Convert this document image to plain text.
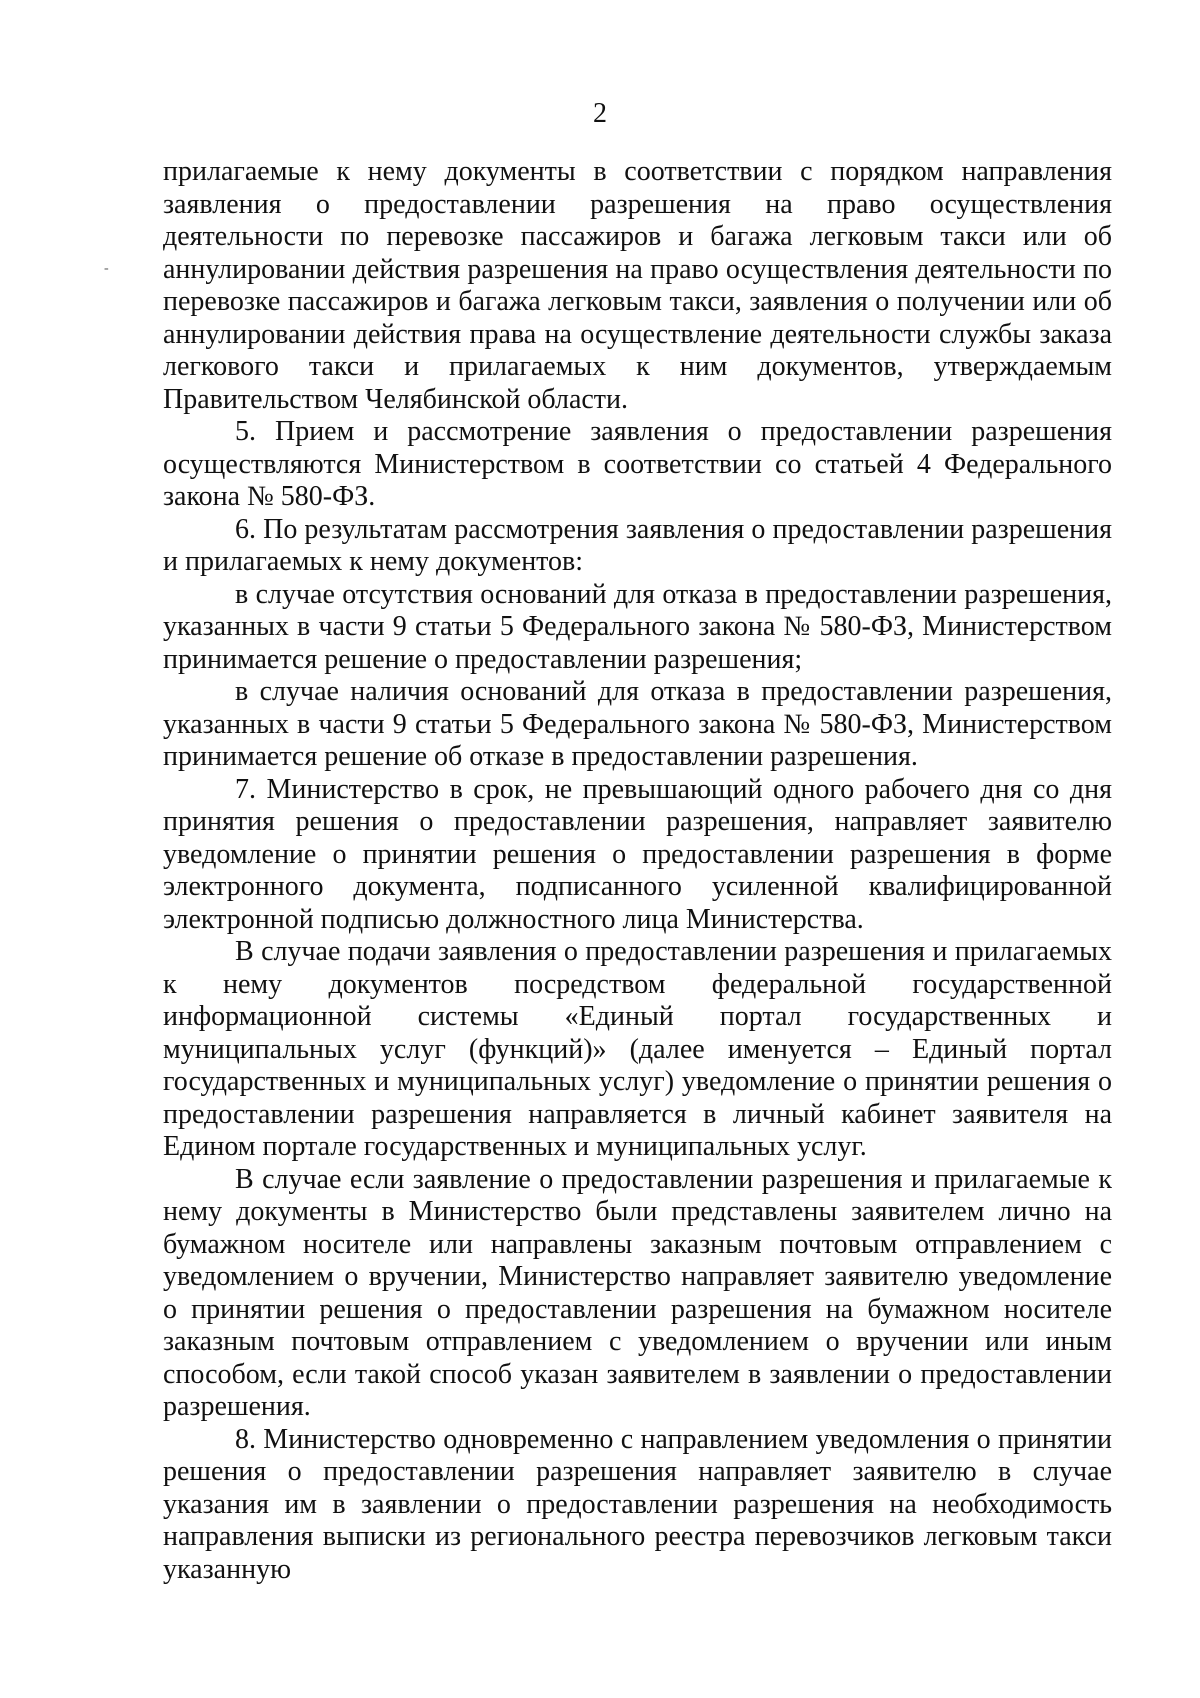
2
-

прилагаемые к нему документы в соответствии с порядком направления заявления о предоставлении разрешения на право осуществления деятельности по перевозке пассажиров и багажа легковым такси или об аннулировании действия разрешения на право осуществления деятельности по перевозке пассажиров и багажа легковым такси, заявления о получении или об аннулировании действия права на осуществление деятельности службы заказа легкового такси и прилагаемых к ним документов, утверждаемым Правительством Челябинской области.

5. Прием и рассмотрение заявления о предоставлении разрешения осуществляются Министерством в соответствии со статьей 4 Федерального закона № 580-ФЗ.

6. По результатам рассмотрения заявления о предоставлении разрешения и прилагаемых к нему документов:

в случае отсутствия оснований для отказа в предоставлении разрешения, указанных в части 9 статьи 5 Федерального закона № 580-ФЗ, Министерством принимается решение о предоставлении разрешения;

в случае наличия оснований для отказа в предоставлении разрешения, указанных в части 9 статьи 5 Федерального закона № 580-ФЗ, Министерством принимается решение об отказе в предоставлении разрешения.

7. Министерство в срок, не превышающий одного рабочего дня со дня принятия решения о предоставлении разрешения, направляет заявителю уведомление о принятии решения о предоставлении разрешения в форме электронного документа, подписанного усиленной квалифицированной электронной подписью должностного лица Министерства.

В случае подачи заявления о предоставлении разрешения и прилагаемых к нему документов посредством федеральной государственной информационной системы «Единый портал государственных и муниципальных услуг (функций)» (далее именуется – Единый портал государственных и муниципальных услуг) уведомление о принятии решения о предоставлении разрешения направляется в личный кабинет заявителя на Едином портале государственных и муниципальных услуг.

В случае если заявление о предоставлении разрешения и прилагаемые к нему документы в Министерство были представлены заявителем лично на бумажном носителе или направлены заказным почтовым отправлением с уведомлением о вручении, Министерство направляет заявителю уведомление о принятии решения о предоставлении разрешения на бумажном носителе заказным почтовым отправлением с уведомлением о вручении или иным способом, если такой способ указан заявителем в заявлении о предоставлении разрешения.

8. Министерство одновременно с направлением уведомления о принятии решения о предоставлении разрешения направляет заявителю в случае указания им в заявлении о предоставлении разрешения на необходимость направления выписки из регионального реестра перевозчиков легковым такси указанную
